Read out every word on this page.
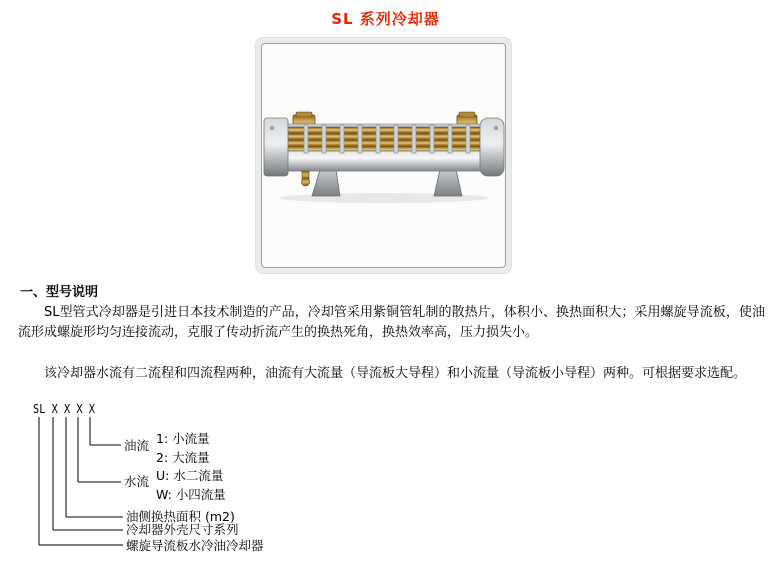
SL 系列冷却器
一、型号说明
SL型管式冷却器是引进日本技术制造的产品，冷却管采用紫铜管轧制的散热片，体积小、换热面积大；采用螺旋导流板，使油流形成螺旋形均匀连接流动，克服了传动折流产生的换热死角，换热效率高，压力损失小。
该冷却器水流有二流程和四流程两种，油流有大流量（导流板大导程）和小流量（导流板小导程）两种。可根据要求选配。
SL X X X X
油流 1: 小流量
2: 大流量
水流 U: 水二流量
W: 小四流量
油侧换热面积 (m2)
冷却器外壳尺寸系列
螺旋导流板水冷油冷却器
